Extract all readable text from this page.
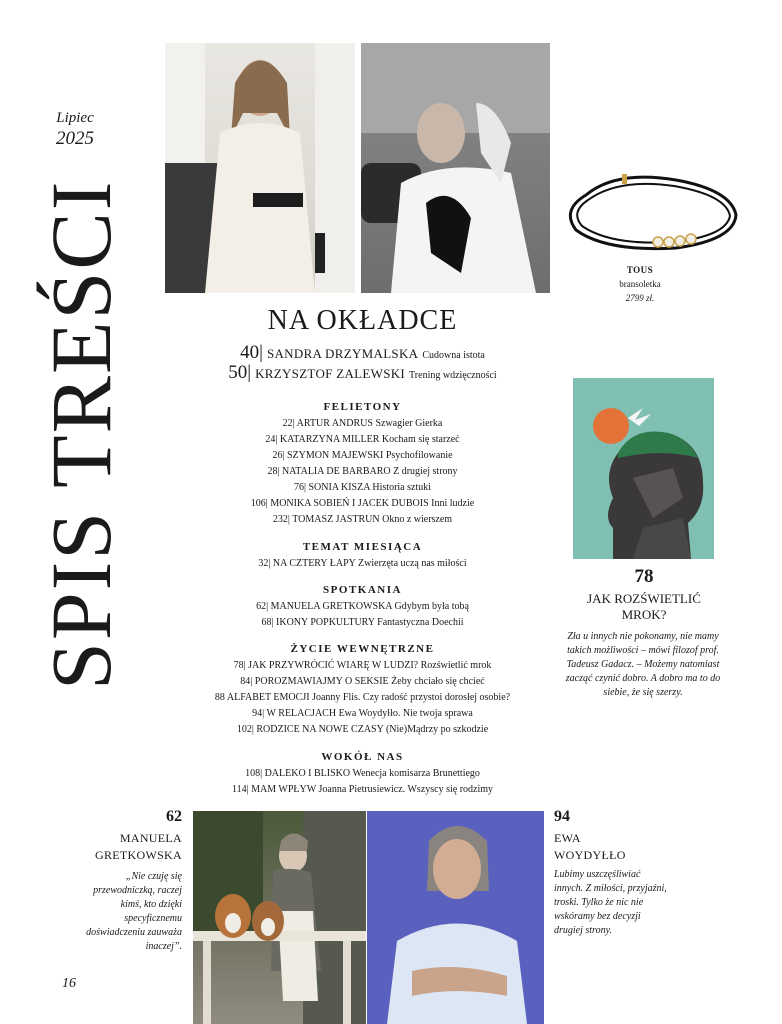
Lipiec
2025
SPIS TREŚCI	NA OKŁADCE
40| SANDRA DRZYMALSKA Cudowna istota
50| KRZYSZTOF ZALEWSKI Trening wdzięczności
FELIETONY
22| ARTUR ANDRUS Szwagier Gierka
24| KATARZYNA MILLER Kocham się starzeć
26| SZYMON MAJEWSKI Psychofilowanie
28| NATALIA DE BARBARO Z drugiej strony
76| SONIA KISZA Historia sztuki
106| MONIKA SOBIEŃ I JACEK DUBOIS Inni ludzie
232| TOMASZ JASTRUN Okno z wierszem
TEMAT MIESIĄCA
32| NA CZTERY ŁAPY Zwierzęta uczą nas miłości
SPOTKANIA
62| MANUELA GRETKOWSKA Gdybym była tobą
68| IKONY POPKULTURY Fantastyczna Doechii
ŻYCIE WEWNĘTRZNE
78| JAK PRZYWRÓCIĆ WIARĘ W LUDZI? Rozświetlić mrok
84| POROZMAWIAJMY O SEKSIE Żeby chciało się chcieć
88 ALFABET EMOCJI Joanny Flis. Czy radość przystoi dorosłej osobie?
94| W RELACJACH Ewa Woydyłło. Nie twoja sprawa
102| RODZICE NA NOWE CZASY (Nie)Mądrzy po szkodzie
WOKÓŁ NAS
108| DALEKO I BLISKO Wenecja komisarza Brunettiego
114| MAM WPŁYW Joanna Pietrusiewicz. Wszyscy się rodzimy
TOUS
bransoletka
2799 zł.
78
JAK ROZŚWIETLIĆ MROK?
Zła u innych nie pokonamy, nie mamy takich możliwości – mówi filozof prof. Tadeusz Gadacz. – Możemy natomiast zacząć czynić dobro. A dobro ma to do siebie, że się szerzy.
62
MANUELA
GRETKOWSKA
„Nie czuję się przewodniczką, raczej kimś, kto dzięki specyficznemu doświadczeniu zauważa inaczej”.
94
EWA
WOYDYŁŁO
Lubimy uszczęśliwiać innych. Z miłości, przyjaźni, troski. Tylko że nic nie wskóramy bez decyzji drugiej strony.
16
